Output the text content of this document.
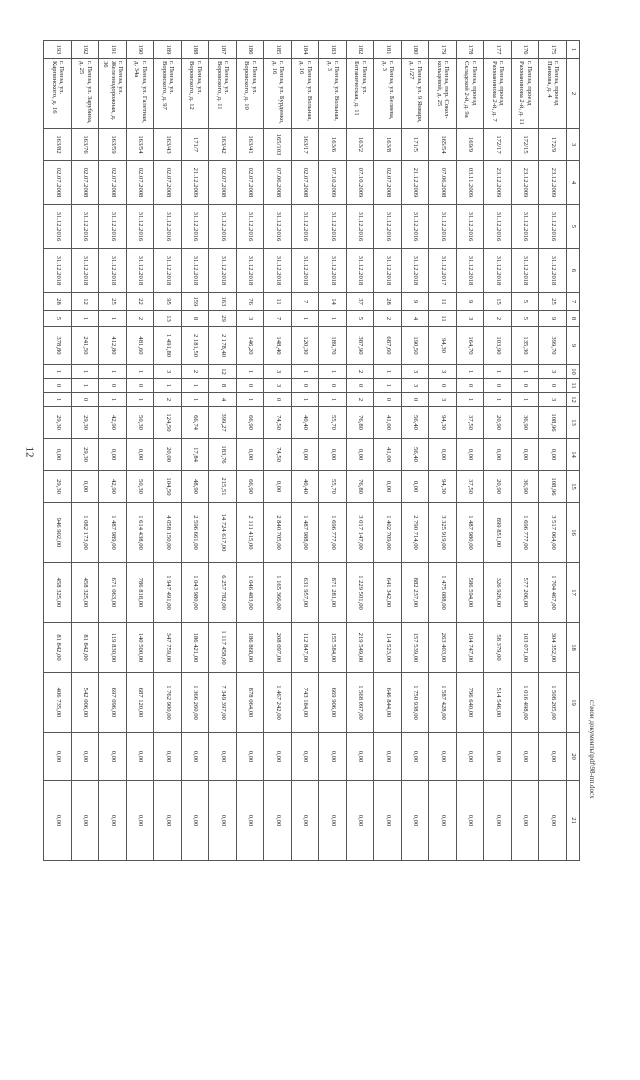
12
c:\мои документы\pdf\98-пп.docx
1	2	3	4	5	6	7	8	9	10	11	12	13	14	15	16	17	18	19	20	21
175	г. Пенза, проезд Панкова, д. 4	172/9	23.12.2009	31.12.2016	31.12.2018	25	9	399,70	3	0	3	108,96	0,00	108,96	3 517 064,00	1 704 467,00	304 352,00	1 508 205,00	0,00	0,00
176	г. Пенза, проезд Рахманинова 2-й, д. 11	172/15	23.12.2009	31.12.2016	31.12.2018	5	5	135,30	1	0	1	36,90	0,00	36,90	1 696 777,00	577 206,00	103 071,00	1 016 498,00	0,00	0,00
177	г. Пенза, проезд Рахманинова 2-й, д. 7	172/17	23.12.2009	31.12.2016	31.12.2018	15	2	103,90	1	0	1	20,90	0,00	20,90	899 851,00	326 926,00	58 379,00	514 546,00	0,00	0,00
178	г. Пенза, проезд Складской 2-й, д. 9а	169/9	03.11.2009	31.12.2016	31.12.2018	9	3	164,70	1	0	1	37,50	0,00	37,50	1 487 980,00	586 594,00	104 747,00	796 640,00	0,00	0,00
179	г. Пенза, пер. Сокол-кольцевой, д. 25	165/54	07.06.2008	31.12.2016	31.12.2017	11	11	94,30	3	0	3	94,30	0,00	94,30	3 325 919,00	1 475 088,00	263 403,00	1 587 428,00	0,00	0,00
180	г. Пенза, ул. 9 Января, д. 1/27	171/5	21.12.2009	31.12.2016	31.12.2018	9	4	190,50	3	3	0	56,40	56,40	0,00	2 790 714,00	882 237,00	157 539,00	1 750 938,00	0,00	0,00
181	г. Пенза, ул. Беляева, д. 3	163/8	02.07.2008	31.12.2016	31.12.2018	28	2	687,60	1	1	0	41,00	41,00	0,00	1 402 709,00	641 342,00	114 523,00	646 844,00	0,00	0,00
182	г. Пенза, ул. Ботаническая, д. 11	163/2	07.10.2009	31.12.2016	31.12.2018	37	5	387,90	2	0	2	76,80	0,00	76,80	3 017 147,00	1 229 501,00	219 549,00	1 568 097,00	0,00	0,00
183	г. Пенза, ул. Вольная, д. 3	163/6	07.10.2009	31.12.2016	31.12.2018	14	1	189,70	1	0	1	55,70	0,00	55,70	1 696 777,00	871 281,00	155 584,00	669 906,00	0,00	0,00
184	г. Пенза, ул. Вольная, д. 16	163/17	02.07.2008	31.12.2016	31.12.2018	7	1	120,30	1	0	1	40,40	0,00	40,40	1 487 988,00	631 957,00	112 847,00	743 184,00	0,00	0,00
185	г. Пенза, ул. Бурденко, д. 16	165/103	07.06.2008	31.12.2016	31.12.2018	11	7	148,40	3	3	0	74,50	74,50	0,00	2 840 705,00	1 165 366,00	208 097,00	1 467 242,00	0,00	0,00
186	г. Пенза, ул. Воровского, д. 10	163/41	02.07.2008	31.12.2016	31.12.2018	76	3	146,20	1	0	1	66,90	0,00	66,90	2 111 415,00	1 046 483,00	186 868,00	878 064,00	0,00	0,00
187	г. Пенза, ул. Воровского, д. 11	163/42	02.07.2008	31.12.2016	31.12.2018	163	29	2 178,40	12	8	4	399,27	183,76	215,51	14 724 617,00	6 257 782,00	1 117 458,00	7 349 397,00	0,00	0,00
188	г. Пенза, ул. Воровского, д. 12	171/7	21.12.2009	31.12.2016	31.12.2018	159	8	2 181,50	2	1	1	66,74	17,84	48,90	2 596 661,00	1 043 980,00	186 421,00	1 366 260,00	0,00	0,00
189	г. Пенза, ул. Воровского, д. 97	163/43	02.07.2008	31.12.2016	31.12.2018	95	13	1 491,80	3	1	2	124,50	20,00	104,50	4 058 150,00	1 947 491,00	347 759,00	1 762 900,00	0,00	0,00
190	г. Пенза, ул. Галетная, д. 34а	163/54	02.07.2008	31.12.2016	31.12.2018	22	2	481,60	1	0	1	50,30	0,00	50,30	1 614 438,00	786 818,00	140 500,00	687 120,00	0,00	0,00
191	г. Пенза, ул. Железнодорожная, д. 36	163/59	02.07.2008	31.12.2016	31.12.2018	25	1	412,80	1	0	1	42,90	0,00	42,90	1 487 989,00	671 063,00	119 830,00	697 096,00	0,00	0,00
192	г. Пенза, ул. Зарубина, д. 25	163/76	02.07.2008	31.12.2016	31.12.2018	12	1	241,50	1	1	0	29,30	29,30	0,00	1 082 173,00	458 325,00	81 842,00	542 006,00	0,00	0,00
193	г. Пенза, ул. Карпинского, д. 16	163/82	02.07.2008	31.12.2016	31.12.2018	28	5	378,80	1	0	1	29,30	0,00	29,30	946 902,00	458 325,00	81 842,00	406 735,00	0,00	0,00
